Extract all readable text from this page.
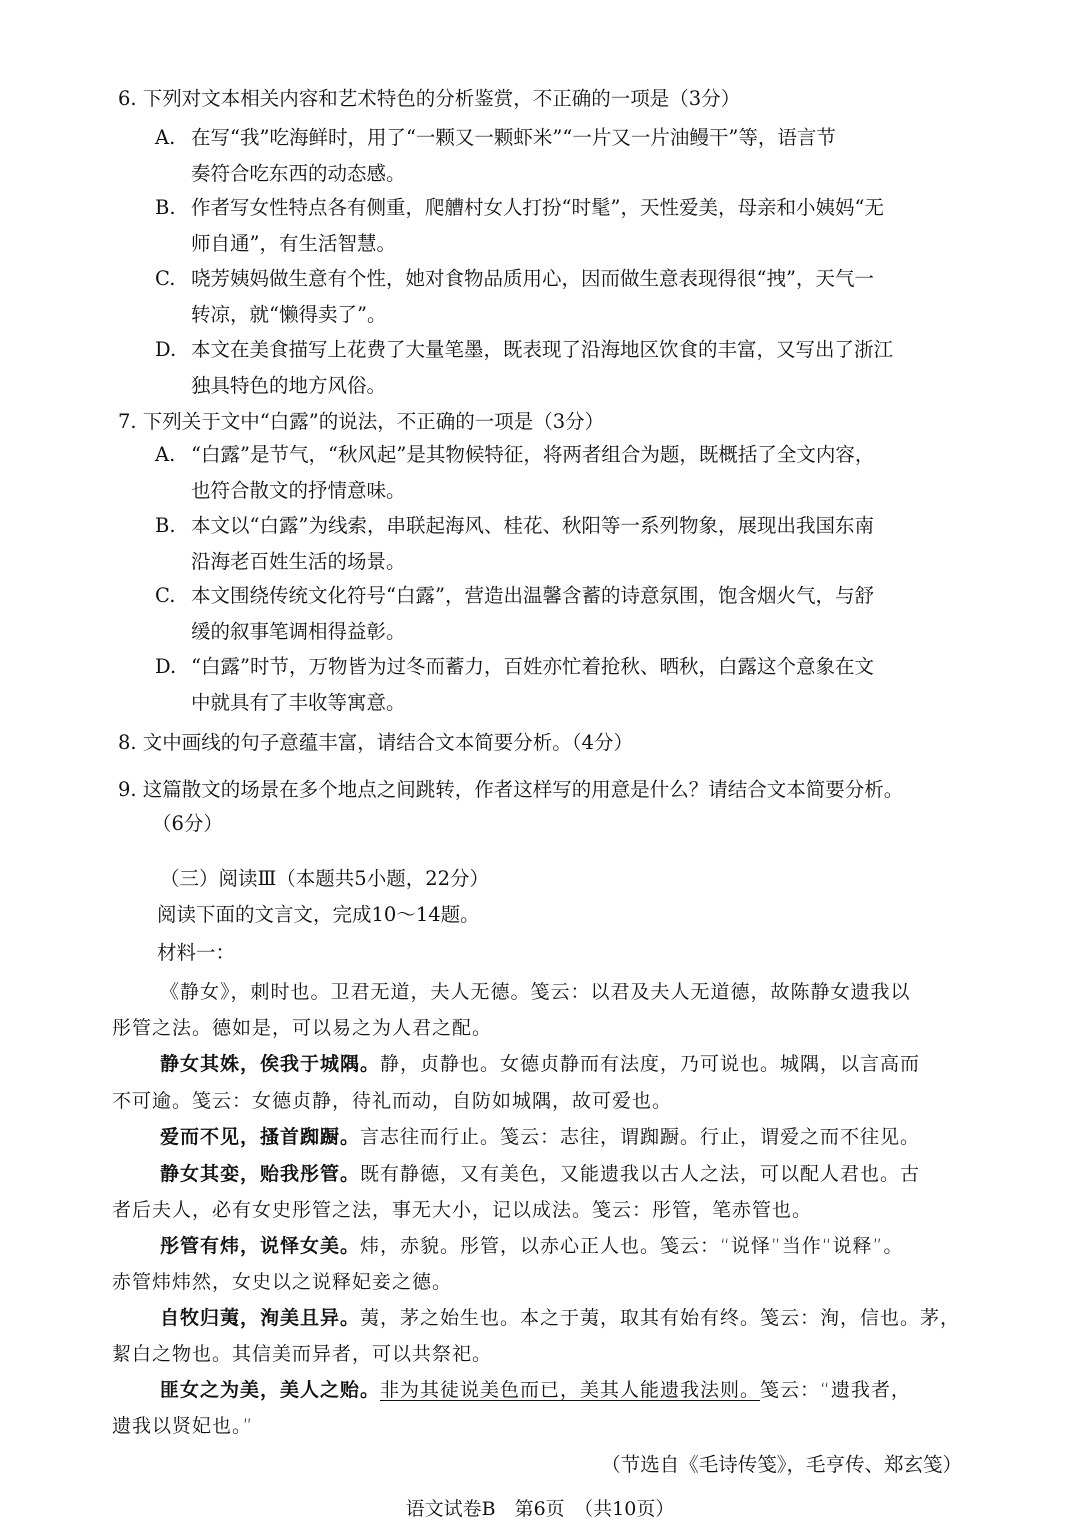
6. 下列对文本相关内容和艺术特色的分析鉴赏，不正确的一项是（3分）
A. 在写“我”吃海鲜时，用了“一颗又一颗虾米”“一片又一片油鳗干”等，语言节
奏符合吃东西的动态感。
B. 作者写女性特点各有侧重，爬艚村女人打扮“时髦”，天性爱美，母亲和小姨妈“无
师自通”，有生活智慧。
C. 哓芳姨妈做生意有个性，她对食物品质用心，因而做生意表现得很“拽”，天气一
转凉，就“懒得卖了”。
D. 本文在美食描写上花费了大量笔墨，既表现了沿海地区饮食的丰富，又写出了浙江
独具特色的地方风俗。
7. 下列关于文中“白露”的说法，不正确的一项是（3分）
A. “白露”是节气，“秋风起”是其物候特征，将两者组合为题，既概括了全文内容，
也符合散文的抒情意味。
B. 本文以“白露”为线索，串联起海风、桂花、秋阳等一系列物象，展现出我国东南
沿海老百姓生活的场景。
C. 本文围绕传统文化符号“白露”，营造出温馨含蓄的诗意氛围，饱含烟火气，与舒
缓的叙事笔调相得益彰。
D. “白露”时节，万物皆为过冬而蓄力，百姓亦忙着抢秋、晒秋，白露这个意象在文
中就具有了丰收等寓意。
8. 文中画线的句子意蕴丰富，请结合文本简要分析。（4分）
9. 这篇散文的场景在多个地点之间跳转，作者这样写的用意是什么？请结合文本简要分析。
（6分）
（三）阅读Ⅲ（本题共5小题，22分）
阅读下面的文言文，完成10～14题。
材料一：
《静女》，刺时也。卫君无道，夫人无德。笺云：以君及夫人无道德，故陈静女遗我以
彤管之法。德如是，可以易之为人君之配。
静女其姝，俟我于城隅。静，贞静也。女德贞静而有法度，乃可说也。城隅，以言高而
不可逾。笺云：女德贞静，待礼而动，自防如城隅，故可爱也。
爱而不见，搔首踟蹰。言志往而行止。笺云：志往，谓踟蹰。行止，谓爱之而不往见。
静女其娈，贻我彤管。既有静德，又有美色，又能遗我以古人之法，可以配人君也。古
者后夫人，必有女史彤管之法，事无大小，记以成法。笺云：彤管，笔赤管也。
彤管有炜，说怿女美。炜，赤貌。彤管，以赤心正人也。笺云：“说怿”当作“说释”。
赤管炜炜然，女史以之说释妃妾之德。
自牧归荑，洵美且异。荑，茅之始生也。本之于荑，取其有始有终。笺云：洵，信也。茅，
絜白之物也。其信美而异者，可以共祭祀。
匪女之为美，美人之贻。非为其徒说美色而已，美其人能遗我法则。笺云：“遗我者，
遗我以贤妃也。”
（节选自《毛诗传笺》，毛亨传、郑玄笺）
语文试卷B　第6页　（共10页）
